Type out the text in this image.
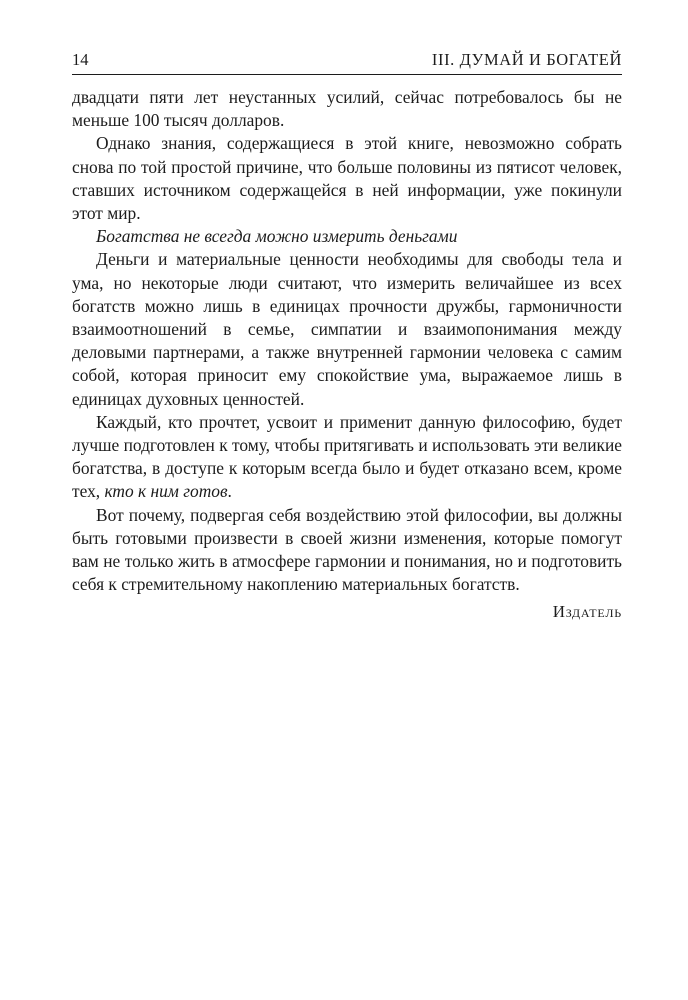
14	III. ДУМАЙ И БОГАТЕЙ

двадцати пяти лет неустанных усилий, сейчас потребовалось бы не меньше 100 тысяч долларов.

Однако знания, содержащиеся в этой книге, невозможно собрать снова по той простой причине, что больше половины из пятисот человек, ставших источником содержащейся в ней информации, уже покинули этот мир.

Богатства не всегда можно измерить деньгами

Деньги и материальные ценности необходимы для свободы тела и ума, но некоторые люди считают, что измерить величайшее из всех богатств можно лишь в единицах прочности дружбы, гармоничности взаимоотношений в семье, симпатии и взаимопонимания между деловыми партнерами, а также внутренней гармонии человека с самим собой, которая приносит ему спокойствие ума, выражаемое лишь в единицах духовных ценностей.

Каждый, кто прочтет, усвоит и применит данную философию, будет лучше подготовлен к тому, чтобы притягивать и использовать эти великие богатства, в доступе к которым всегда было и будет отказано всем, кроме тех, кто к ним готов.

Вот почему, подвергая себя воздействию этой философии, вы должны быть готовыми произвести в своей жизни изменения, которые помогут вам не только жить в атмосфере гармонии и понимания, но и подготовить себя к стремительному накоплению материальных богатств.

Издатель
